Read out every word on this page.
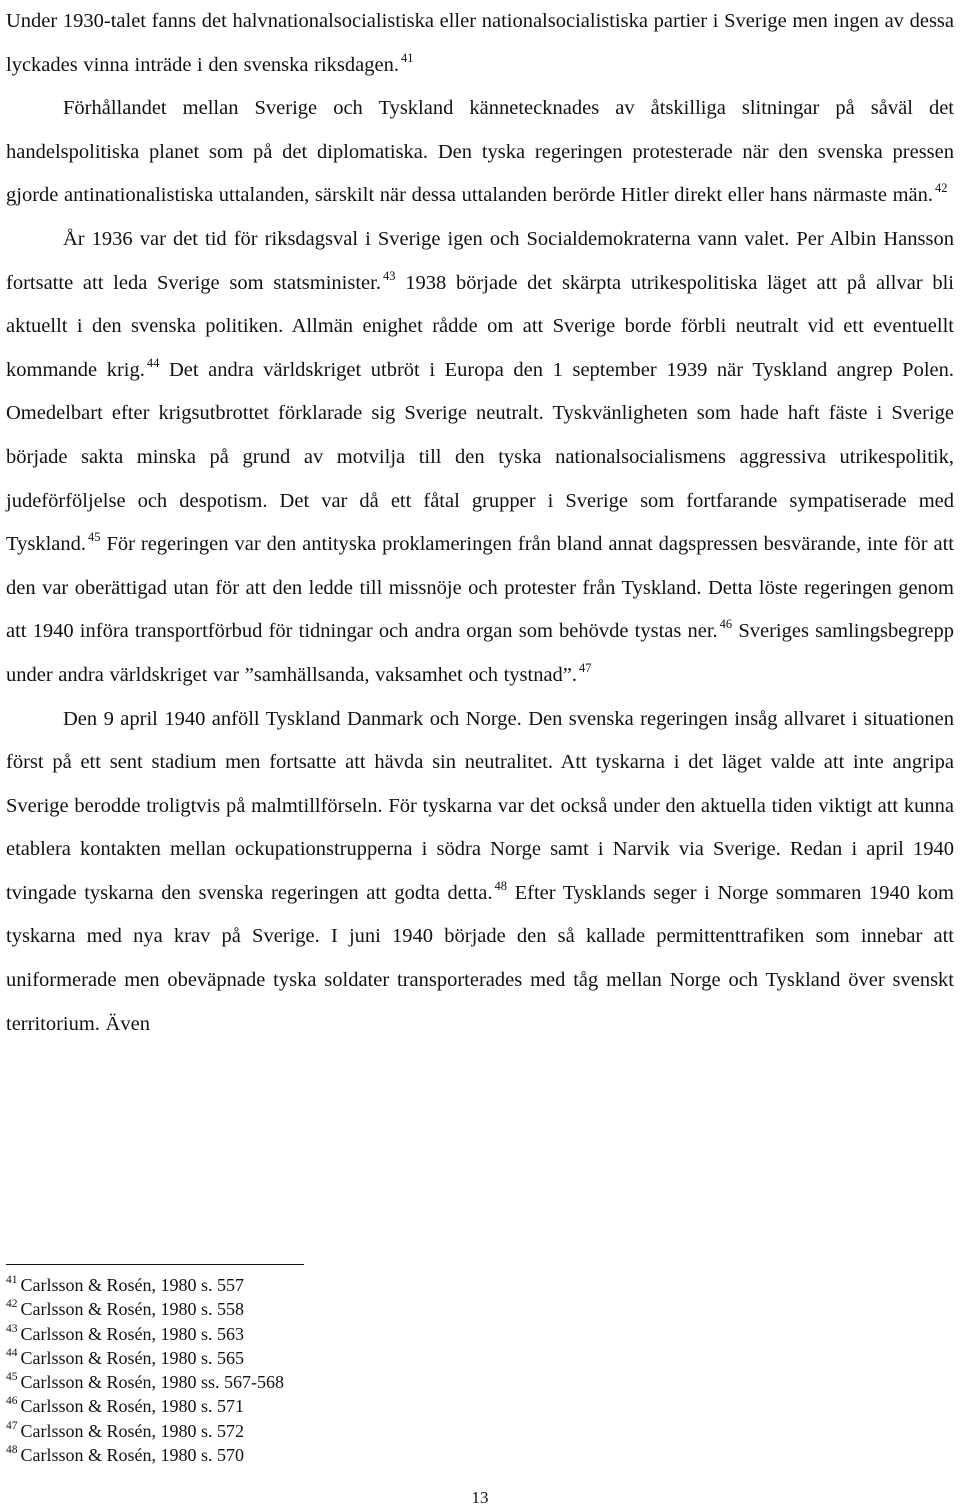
Under 1930-talet fanns det halvnationalsocialistiska eller nationalsocialistiska partier i Sverige men ingen av dessa lyckades vinna inträde i den svenska riksdagen. $^{41}$

Förhållandet mellan Sverige och Tyskland kännetecknades av åtskilliga slitningar på såväl det handelspolitiska planet som på det diplomatiska. Den tyska regeringen protesterade när den svenska pressen gjorde antinationalistiska uttalanden, särskilt när dessa uttalanden berörde Hitler direkt eller hans närmaste män. $^{42}$

År 1936 var det tid för riksdagsval i Sverige igen och Socialdemokraterna vann valet. Per Albin Hansson fortsatte att leda Sverige som statsminister. $^{43}$ 1938 började det skärpta utrikespolitiska läget att på allvar bli aktuellt i den svenska politiken. Allmän enighet rådde om att Sverige borde förbli neutralt vid ett eventuellt kommande krig. $^{44}$ Det andra världskriget utbröt i Europa den 1 september 1939 när Tyskland angrep Polen. Omedelbart efter krigsutbrottet förklarade sig Sverige neutralt. Tyskvänligheten som hade haft fäste i Sverige började sakta minska på grund av motvilja till den tyska nationalsocialismens aggressiva utrikespolitik, judeförföljelse och despotism. Det var då ett fåtal grupper i Sverige som fortfarande sympatiserade med Tyskland. $^{45}$ För regeringen var den antityska proklameringen från bland annat dagspressen besvärande, inte för att den var oberättigad utan för att den ledde till missnöje och protester från Tyskland. Detta löste regeringen genom att 1940 införa transportförbud för tidningar och andra organ som behövde tystas ner. $^{46}$ Sveriges samlingsbegrepp under andra världskriget var ”samhällsanda, vaksamhet och tystnad”. $^{47}$

Den 9 april 1940 anföll Tyskland Danmark och Norge. Den svenska regeringen insåg allvaret i situationen först på ett sent stadium men fortsatte att hävda sin neutralitet. Att tyskarna i det läget valde att inte angripa Sverige berodde troligtvis på malmtillförseln. För tyskarna var det också under den aktuella tiden viktigt att kunna etablera kontakten mellan ockupationstrupperna i södra Norge samt i Narvik via Sverige. Redan i april 1940 tvingade tyskarna den svenska regeringen att godta detta. $^{48}$ Efter Tysklands seger i Norge sommaren 1940 kom tyskarna med nya krav på Sverige. I juni 1940 började den så kallade permittenttrafiken som innebar att uniformerade men obeväpnade tyska soldater transporterades med tåg mellan Norge och Tyskland över svenskt territorium. Även

$^{41}$ Carlsson & Rosén, 1980 s. 557
$^{42}$ Carlsson & Rosén, 1980 s. 558
$^{43}$ Carlsson & Rosén, 1980 s. 563
$^{44}$ Carlsson & Rosén, 1980 s. 565
$^{45}$ Carlsson & Rosén, 1980 ss. 567-568
$^{46}$ Carlsson & Rosén, 1980 s. 571
$^{47}$ Carlsson & Rosén, 1980 s. 572
$^{48}$ Carlsson & Rosén, 1980 s. 570
13
